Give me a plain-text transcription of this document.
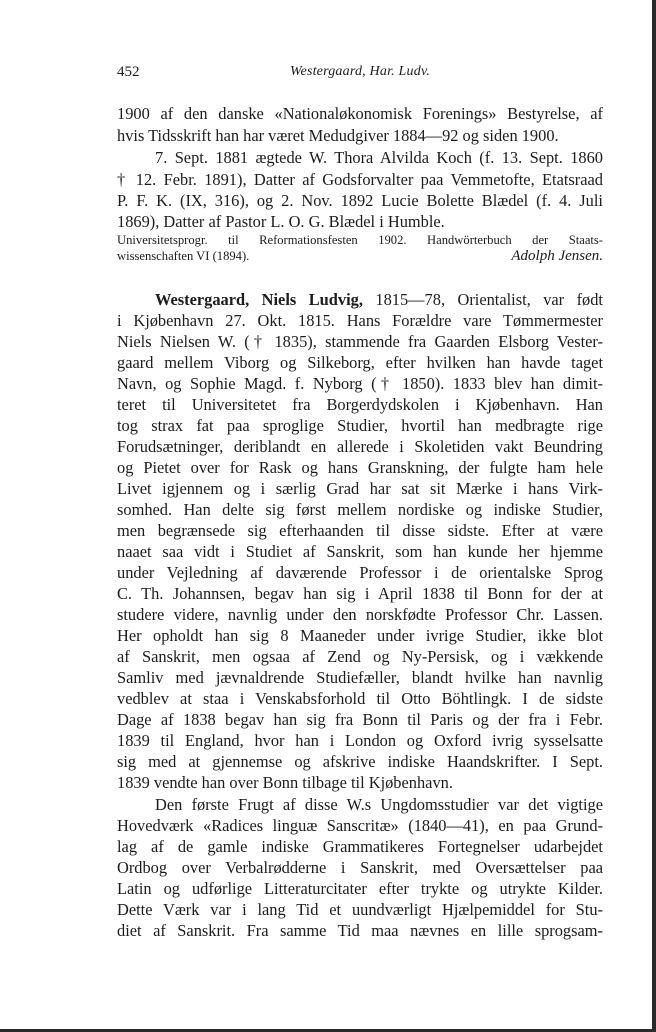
452	Westergaard, Har. Ludv.
1900 af den danske «Nationaløkonomisk Forenings» Bestyrelse, af
hvis Tidsskrift han har været Medudgiver 1884—92 og siden 1900.
7. Sept. 1881 ægtede W. Thora Alvilda Koch (f. 13. Sept. 1860
† 12. Febr. 1891), Datter af Godsforvalter paa Vemmetofte, Etatsraad
P. F. K. (IX, 316), og 2. Nov. 1892 Lucie Bolette Blædel (f. 4. Juli
1869), Datter af Pastor L. O. G. Blædel i Humble.
Universitetsprogr. til Reformationsfesten 1902. Handwörterbuch der Staats-
wissenschaften VI (1894).	Adolph Jensen.
Westergaard, Niels Ludvig, 1815—78, Orientalist, var født
i Kjøbenhavn 27. Okt. 1815. Hans Forældre vare Tømmermester
Niels Nielsen W. († 1835), stammende fra Gaarden Elsborg Vester-
gaard mellem Viborg og Silkeborg, efter hvilken han havde taget
Navn, og Sophie Magd. f. Nyborg († 1850). 1833 blev han dimit-
teret til Universitetet fra Borgerdydskolen i Kjøbenhavn. Han
tog strax fat paa sproglige Studier, hvortil han medbragte rige
Forudsætninger, deriblandt en allerede i Skoletiden vakt Beundring
og Pietet over for Rask og hans Granskning, der fulgte ham hele
Livet igjennem og i særlig Grad har sat sit Mærke i hans Virk-
somhed. Han delte sig først mellem nordiske og indiske Studier,
men begrænsede sig efterhaanden til disse sidste. Efter at være
naaet saa vidt i Studiet af Sanskrit, som han kunde her hjemme
under Vejledning af daværende Professor i de orientalske Sprog
C. Th. Johannsen, begav han sig i April 1838 til Bonn for der at
studere videre, navnlig under den norskfødte Professor Chr. Lassen.
Her opholdt han sig 8 Maaneder under ivrige Studier, ikke blot
af Sanskrit, men ogsaa af Zend og Ny-Persisk, og i vækkende
Samliv med jævnaldrende Studiefæller, blandt hvilke han navnlig
vedblev at staa i Venskabsforhold til Otto Böhtlingk. I de sidste
Dage af 1838 begav han sig fra Bonn til Paris og der fra i Febr.
1839 til England, hvor han i London og Oxford ivrig sysselsatte
sig med at gjennemse og afskrive indiske Haandskrifter. I Sept.
1839 vendte han over Bonn tilbage til Kjøbenhavn.
Den første Frugt af disse W.s Ungdomsstudier var det vigtige
Hovedværk «Radices linguæ Sanscritæ» (1840—41), en paa Grund-
lag af de gamle indiske Grammatikeres Fortegnelser udarbejdet
Ordbog over Verbalrødderne i Sanskrit, med Oversættelser paa
Latin og udførlige Litteraturcitater efter trykte og utrykte Kilder.
Dette Værk var i lang Tid et uundværligt Hjælpemiddel for Stu-
diet af Sanskrit. Fra samme Tid maa nævnes en lille sprogsam-
